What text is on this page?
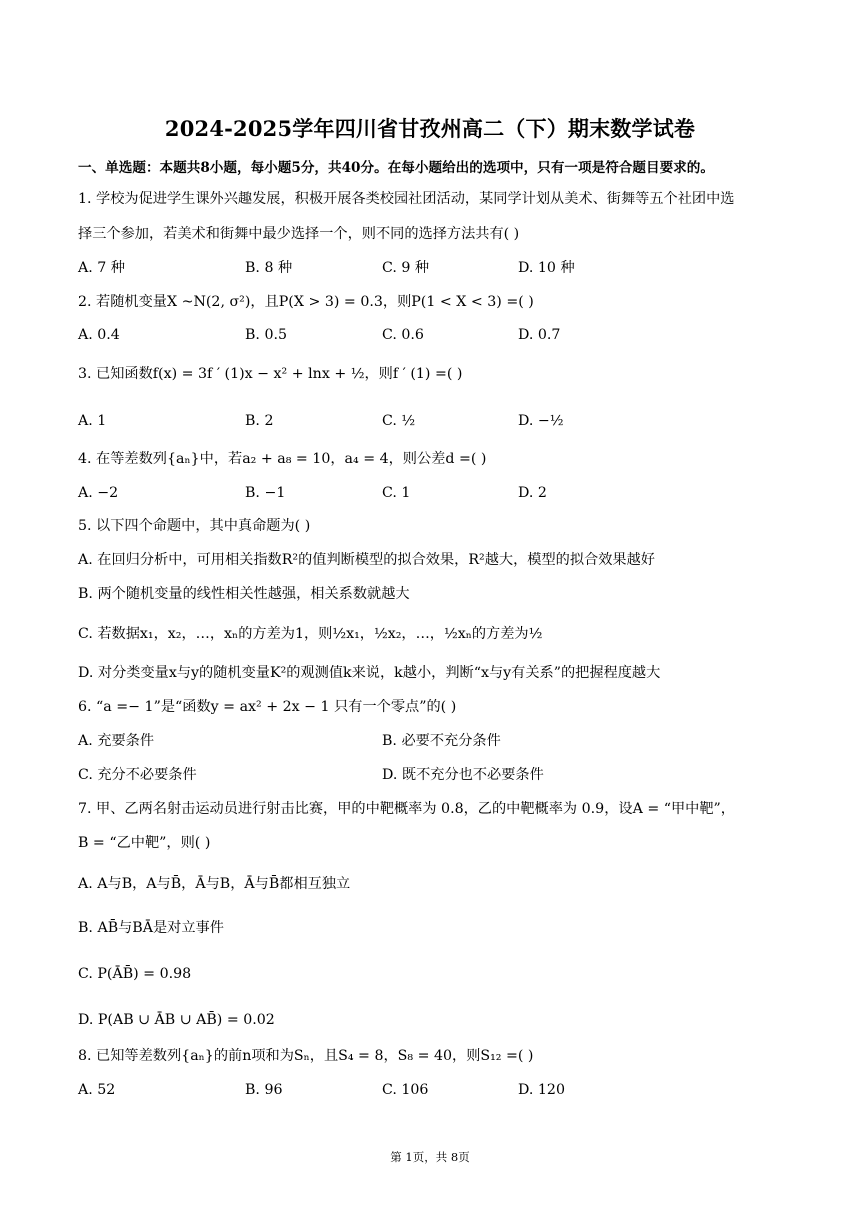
2024-2025学年四川省甘孜州高二（下）期末数学试卷
一、单选题：本题共8小题，每小题5分，共40分。在每小题给出的选项中，只有一项是符合题目要求的。
1. 学校为促进学生课外兴趣发展，积极开展各类校园社团活动，某同学计划从美术、街舞等五个社团中选
择三个参加，若美术和街舞中最少选择一个，则不同的选择方法共有( )
A. 7 种	B. 8 种	C. 9 种	D. 10 种
2. 若随机变量X ~N(2, σ²)，且P(X > 3) = 0.3，则P(1 < X < 3) =( )
A. 0.4	B. 0.5	C. 0.6	D. 0.7
3. 已知函数f(x) = 3f ′ (1)x − x² + lnx + ½，则f ′ (1) =( )
A. 1	B. 2	C. ½	D. −½
4. 在等差数列{aₙ}中，若a₂ + a₈ = 10，a₄ = 4，则公差d =( )
A. −2	B. −1	C. 1	D. 2
5. 以下四个命题中，其中真命题为( )
A. 在回归分析中，可用相关指数R²的值判断模型的拟合效果，R²越大，模型的拟合效果越好
B. 两个随机变量的线性相关性越强，相关系数就越大
C. 若数据x₁，x₂，…，xₙ的方差为1，则½x₁，½x₂，…，½xₙ的方差为½
D. 对分类变量x与y的随机变量K²的观测值k来说，k越小，判断“x与y有关系”的把握程度越大
6. “a =− 1”是“函数y = ax² + 2x − 1 只有一个零点”的( )
A. 充要条件	B. 必要不充分条件
C. 充分不必要条件	D. 既不充分也不必要条件
7. 甲、乙两名射击运动员进行射击比赛，甲的中靶概率为 0.8，乙的中靶概率为 0.9，设A = “甲中靶”，
B = “乙中靶”，则( )
A. A与B，A与B̄，Ā与B，Ā与B̄都相互独立
B. AB̄与BĀ是对立事件
C. P(ĀB̄) = 0.98
D. P(AB ∪ ĀB ∪ AB̄) = 0.02
8. 已知等差数列{aₙ}的前n项和为Sₙ，且S₄ = 8，S₈ = 40，则S₁₂ =( )
A. 52	B. 96	C. 106	D. 120
第 1页，共 8页
